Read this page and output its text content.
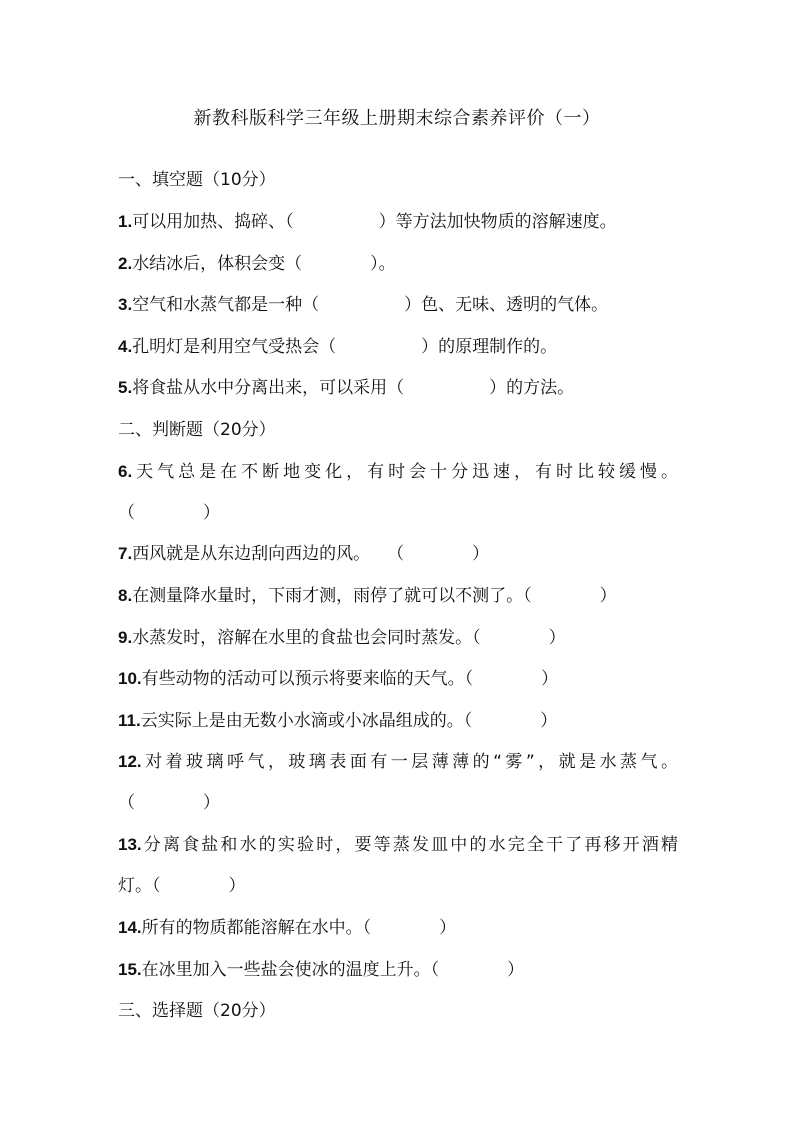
新教科版科学三年级上册期末综合素养评价（一）
一、填空题（10分）
1.可以用加热、捣碎、（　　　　　）等方法加快物质的溶解速度。
2.水结冰后，体积会变（　　　　）。
3.空气和水蒸气都是一种（　　　　　）色、无味、透明的气体。
4.孔明灯是利用空气受热会（　　　　　）的原理制作的。
5.将食盐从水中分离出来，可以采用（　　　　　）的方法。
二、判断题（20分）
6.天气总是在不断地变化，有时会十分迅速，有时比较缓慢。
（　　　　）
7.西风就是从东边刮向西边的风。　　（　　　　）
8.在测量降水量时，下雨才测，雨停了就可以不测了。（　　　　）
9.水蒸发时，溶解在水里的食盐也会同时蒸发。（　　　　）
10.有些动物的活动可以预示将要来临的天气。（　　　　）
11.云实际上是由无数小水滴或小冰晶组成的。（　　　　）
12.对着玻璃呼气，玻璃表面有一层薄薄的“雾”，就是水蒸气。
（　　　　）
13.分离食盐和水的实验时，要等蒸发皿中的水完全干了再移开酒精
灯。（　　　　）
14.所有的物质都能溶解在水中。（　　　　）
15.在冰里加入一些盐会使冰的温度上升。（　　　　）
三、选择题（20分）
